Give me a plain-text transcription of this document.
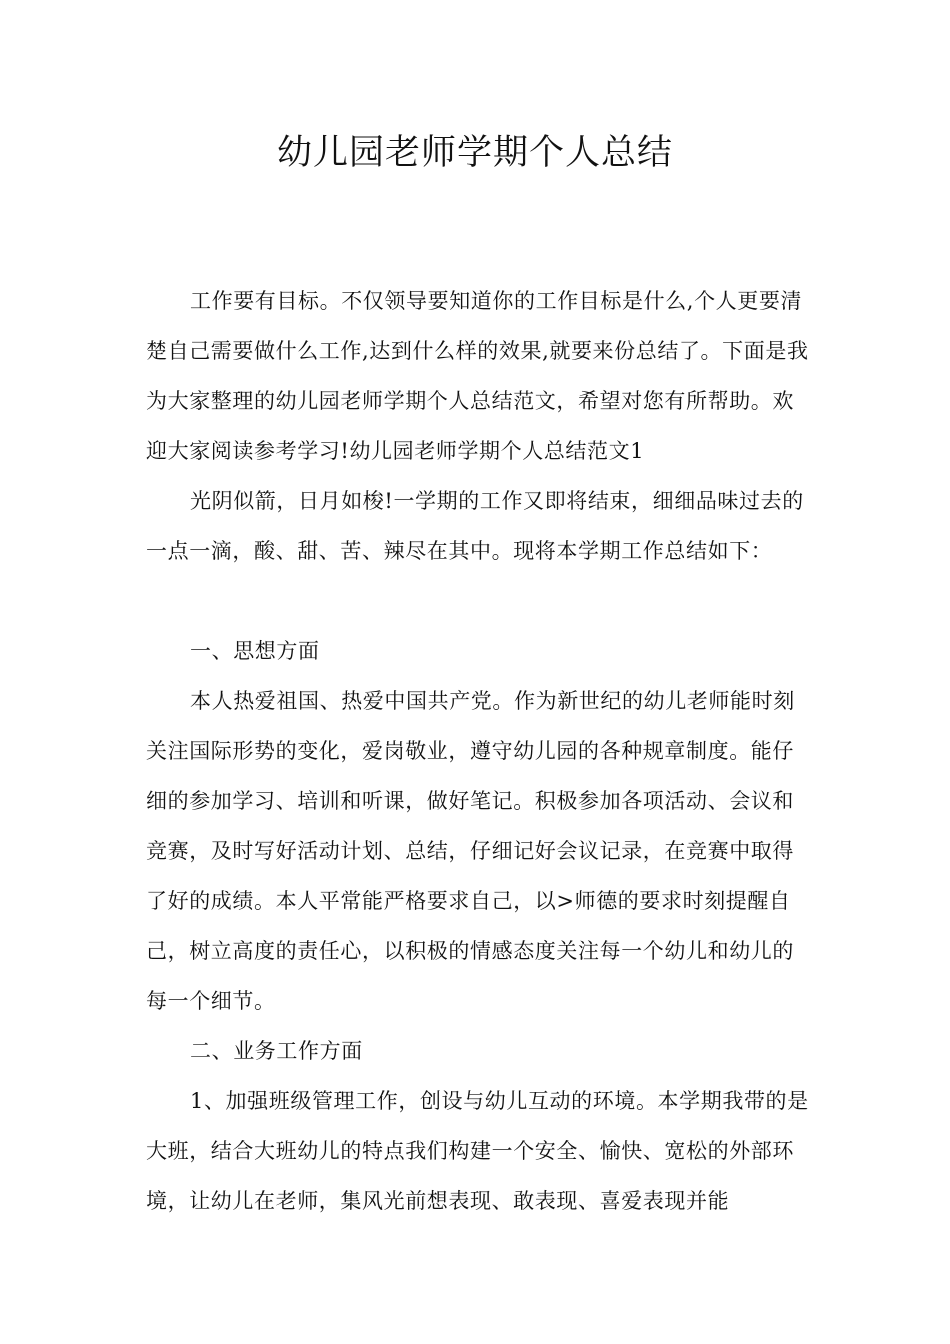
幼儿园老师学期个人总结

工作要有目标。不仅领导要知道你的工作目标是什么,个人更要清楚自己需要做什么工作,达到什么样的效果,就要来份总结了。下面是我为大家整理的幼儿园老师学期个人总结范文，希望对您有所帮助。欢迎大家阅读参考学习!幼儿园老师学期个人总结范文1

光阴似箭，日月如梭!一学期的工作又即将结束，细细品味过去的一点一滴，酸、甜、苦、辣尽在其中。现将本学期工作总结如下：

一、思想方面

本人热爱祖国、热爱中国共产党。作为新世纪的幼儿老师能时刻关注国际形势的变化，爱岗敬业，遵守幼儿园的各种规章制度。能仔细的参加学习、培训和听课，做好笔记。积极参加各项活动、会议和竞赛，及时写好活动计划、总结，仔细记好会议记录，在竞赛中取得了好的成绩。本人平常能严格要求自己，以>师德的要求时刻提醒自己，树立高度的责任心，以积极的情感态度关注每一个幼儿和幼儿的每一个细节。

二、业务工作方面

1、加强班级管理工作，创设与幼儿互动的环境。本学期我带的是大班，结合大班幼儿的特点我们构建一个安全、愉快、宽松的外部环境，让幼儿在老师，集风光前想表现、敢表现、喜爱表现并能
